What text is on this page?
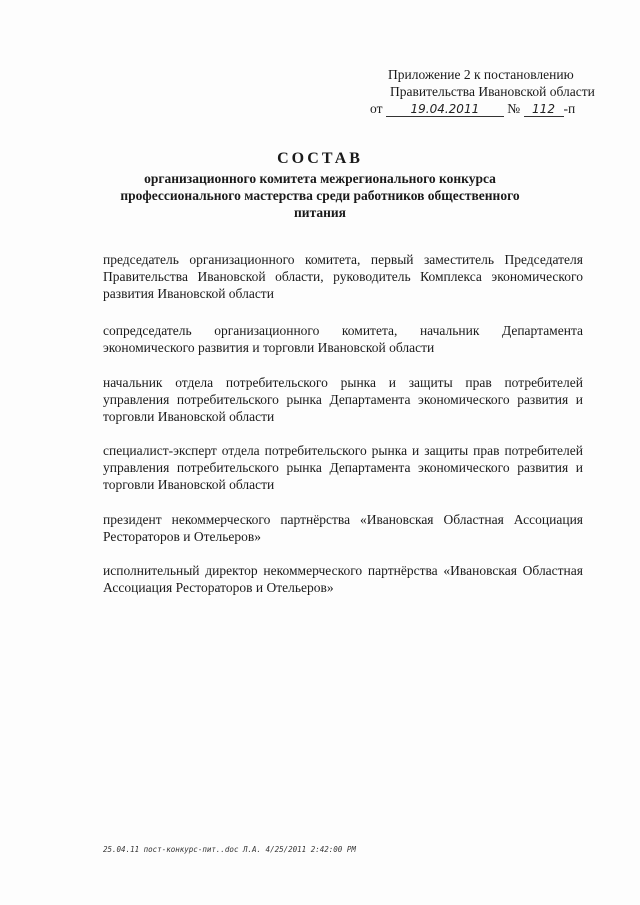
Приложение 2 к постановлению
Правительства Ивановской области
от 19.04.2011 № 112 -п
СОСТАВ
организационного комитета межрегионального конкурса профессионального мастерства среди работников общественного питания
председатель организационного комитета, первый заместитель Председателя Правительства Ивановской области, руководитель Комплекса экономического развития Ивановской области
сопредседатель организационного комитета, начальник Департамента экономического развития и торговли Ивановской области
начальник отдела потребительского рынка и защиты прав потребителей управления потребительского рынка Департамента экономического развития и торговли Ивановской области
специалист-эксперт отдела потребительского рынка и защиты прав потребителей управления потребительского рынка Департамента экономического развития и торговли Ивановской области
президент некоммерческого партнёрства «Ивановская Областная Ассоциация Рестораторов и Отельеров»
исполнительный директор некоммерческого партнёрства «Ивановская Областная Ассоциация Рестораторов и Отельеров»
25.04.11 пост-конкурс-пит..doc Л.А. 4/25/2011 2:42:00 PM
